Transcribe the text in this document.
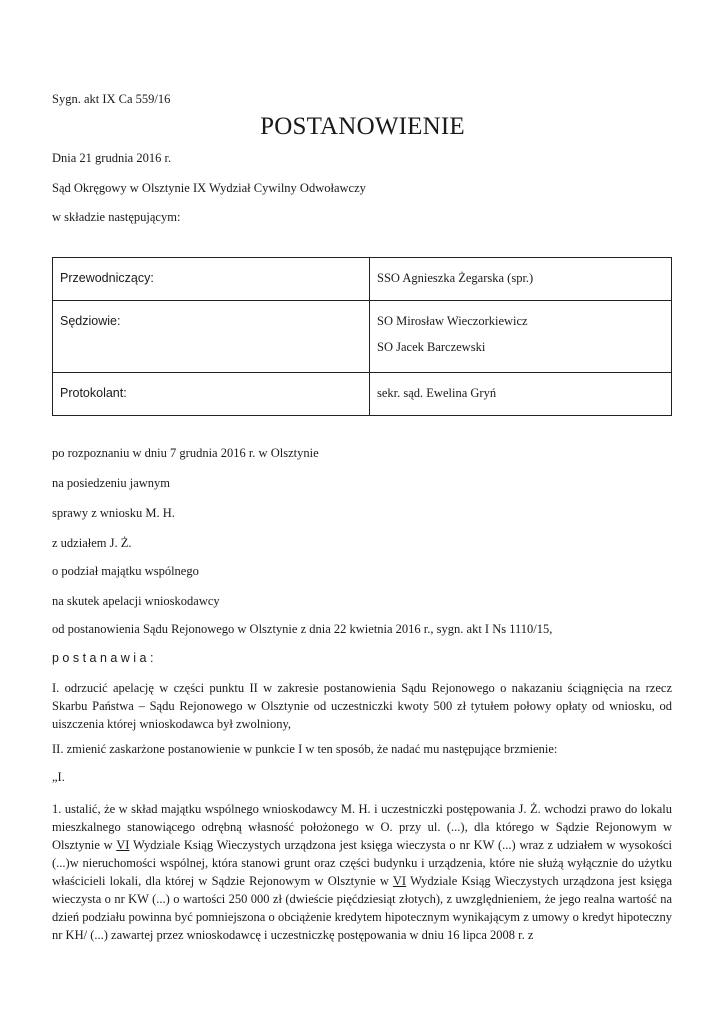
Sygn. akt IX Ca 559/16
POSTANOWIENIE
Dnia 21 grudnia 2016 r.
Sąd Okręgowy w Olsztynie IX Wydział Cywilny Odwoławczy
w składzie następującym:
Przewodniczący:	SSO Agnieszka Żegarska (spr.)

Sędziowie:	SO Mirosław Wieczorkiewicz
SO Jacek Barczewski

Protokolant:	sekr. sąd. Ewelina Gryń
po rozpoznaniu w dniu 7 grudnia 2016 r. w Olsztynie
na posiedzeniu jawnym
sprawy z wniosku M. H.
z udziałem J. Ż.
o podział majątku wspólnego
na skutek apelacji wnioskodawcy
od postanowienia Sądu Rejonowego w Olsztynie z dnia 22 kwietnia 2016 r., sygn. akt I Ns 1110/15,
p o s t a n a w i a :
I. odrzucić apelację w części punktu II w zakresie postanowienia Sądu Rejonowego o nakazaniu ściągnięcia na rzecz Skarbu Państwa – Sądu Rejonowego w Olsztynie od uczestniczki kwoty 500 zł tytułem połowy opłaty od wniosku, od uiszczenia której wnioskodawca był zwolniony,
II. zmienić zaskarżone postanowienie w punkcie I w ten sposób, że nadać mu następujące brzmienie:
„I.
1. ustalić, że w skład majątku wspólnego wnioskodawcy M. H. i uczestniczki postępowania J. Ż. wchodzi prawo do lokalu mieszkalnego stanowiącego odrębną własność położonego w O. przy ul. (...), dla którego w Sądzie Rejonowym w Olsztynie w VI Wydziale Ksiąg Wieczystych urządzona jest księga wieczysta o nr KW (...) wraz z udziałem w wysokości (...)w nieruchomości wspólnej, która stanowi grunt oraz części budynku i urządzenia, które nie służą wyłącznie do użytku właścicieli lokali, dla której w Sądzie Rejonowym w Olsztynie w VI Wydziale Ksiąg Wieczystych urządzona jest księga wieczysta o nr KW (...) o wartości 250 000 zł (dwieście pięćdziesiąt złotych), z uwzględnieniem, że jego realna wartość na dzień podziału powinna być pomniejszona o obciążenie kredytem hipotecznym wynikającym z umowy o kredyt hipoteczny nr KH/ (...) zawartej przez wnioskodawcę i uczestniczkę postępowania w dniu 16 lipca 2008 r. z
